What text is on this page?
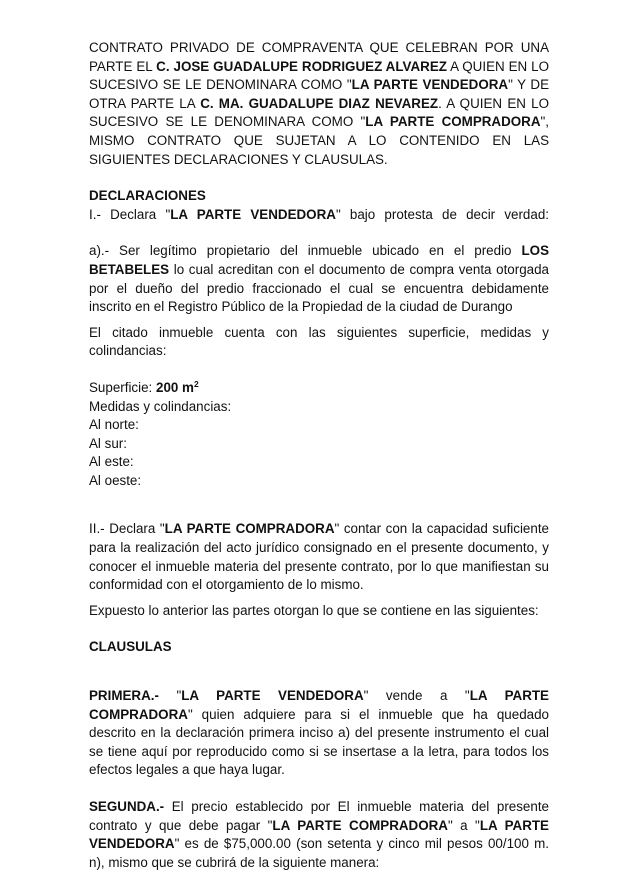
CONTRATO PRIVADO DE COMPRAVENTA QUE CELEBRAN POR UNA PARTE EL C. JOSE GUADALUPE RODRIGUEZ ALVAREZ A QUIEN EN LO SUCESIVO SE LE DENOMINARA COMO "LA PARTE VENDEDORA" Y DE OTRA PARTE LA C. MA. GUADALUPE DIAZ NEVAREZ. A QUIEN EN LO SUCESIVO SE LE DENOMINARA COMO "LA PARTE COMPRADORA", MISMO CONTRATO QUE SUJETAN A LO CONTENIDO EN LAS SIGUIENTES DECLARACIONES Y CLAUSULAS.

DECLARACIONES

I.- Declara "LA PARTE VENDEDORA" bajo protesta de decir verdad:

a).- Ser legítimo propietario del inmueble ubicado en el predio LOS BETABELES lo cual acreditan con el documento de compra venta otorgada por el dueño del predio fraccionado el cual se encuentra debidamente inscrito en el Registro Público de la Propiedad de la ciudad de Durango

El citado inmueble cuenta con las siguientes superficie, medidas y colindancias:

Superficie: 200 $m^2$

Medidas y colindancias:

Al norte:

Al sur:

Al este:

Al oeste:

II.- Declara "LA PARTE COMPRADORA" contar con la capacidad suficiente para la realización del acto jurídico consignado en el presente documento, y conocer el inmueble materia del presente contrato, por lo que manifiestan su conformidad con el otorgamiento de lo mismo.

Expuesto lo anterior las partes otorgan lo que se contiene en las siguientes:

CLAUSULAS

PRIMERA.- "LA PARTE VENDEDORA" vende a "LA PARTE COMPRADORA" quien adquiere para si el inmueble que ha quedado descrito en la declaración primera inciso a) del presente instrumento el cual se tiene aquí por reproducido como si se insertase a la letra, para todos los efectos legales a que haya lugar.

SEGUNDA.- El precio establecido por El inmueble materia del presente contrato y que debe pagar "LA PARTE COMPRADORA" a "LA PARTE VENDEDORA" es de $75,000.00 (son setenta y cinco mil pesos 00/100 m. n), mismo que se cubrirá de la siguiente manera:
